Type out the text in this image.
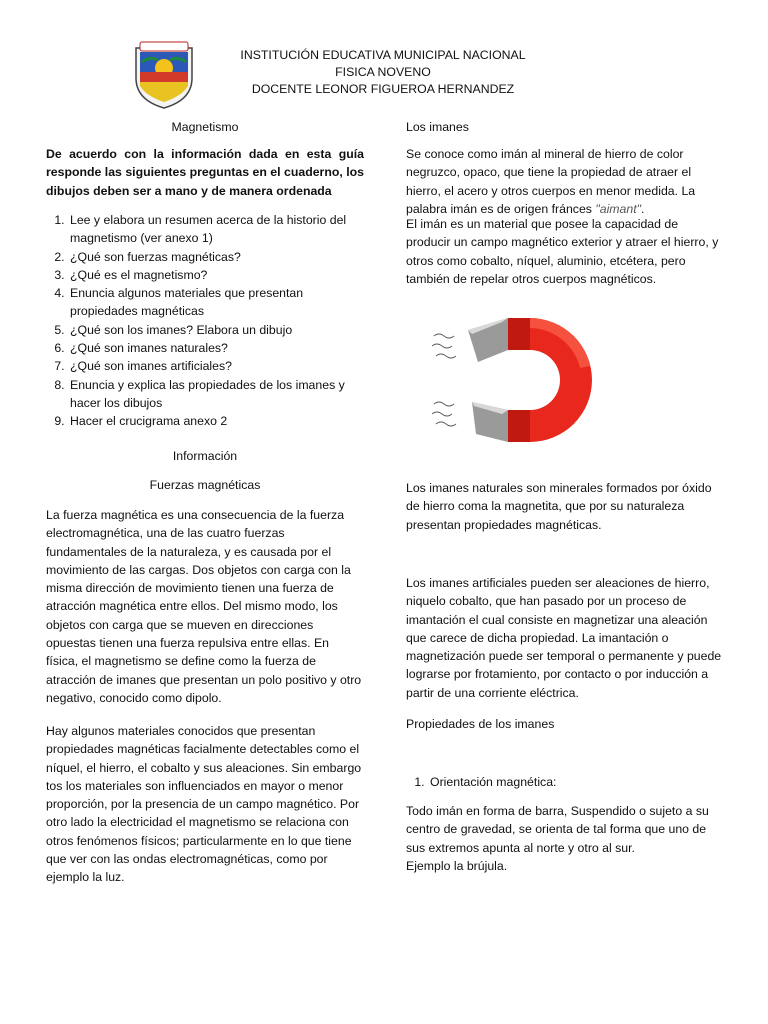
INSTITUCIÓN EDUCATIVA MUNICIPAL NACIONAL
FISICA NOVENO
DOCENTE LEONOR FIGUEROA HERNANDEZ
Magnetismo
De acuerdo con la información dada en esta guía responde las siguientes preguntas en el cuaderno, los dibujos deben ser a mano y de manera ordenada
1. Lee y elabora un resumen acerca de la historio del magnetismo (ver anexo 1)
2. ¿Qué son fuerzas magnéticas?
3. ¿Qué es el magnetismo?
4. Enuncia algunos materiales que presentan propiedades magnéticas
5. ¿Qué son los imanes? Elabora un dibujo
6. ¿Qué son imanes naturales?
7. ¿Qué son imanes artificiales?
8. Enuncia y explica las propiedades de los imanes y hacer los dibujos
9. Hacer el crucigrama anexo 2
Información
Fuerzas magnéticas
La fuerza magnética es una consecuencia de la fuerza electromagnética, una de las cuatro fuerzas fundamentales de la naturaleza, y es causada por el movimiento de las cargas. Dos objetos con carga con la misma dirección de movimiento tienen una fuerza de atracción magnética entre ellos. Del mismo modo, los objetos con carga que se mueven en direcciones opuestas tienen una fuerza repulsiva entre ellas. En física, el magnetismo se define como la fuerza de atracción de imanes que presentan un polo positivo y otro negativo, conocido como dipolo.
Hay algunos materiales conocidos que presentan propiedades magnéticas facialmente detectables como el níquel, el hierro, el cobalto y sus aleaciones. Sin embargo tos los materiales son influenciados en mayor o menor proporción, por la presencia de un campo magnético. Por otro lado la electricidad el magnetismo se relaciona con otros fenómenos físicos; particularmente en lo que tiene que ver con las ondas electromagnéticas, como por ejemplo la luz.
Los imanes
Se conoce como imán al mineral de hierro de color negruzco, opaco, que tiene la propiedad de atraer el hierro, el acero y otros cuerpos en menor medida. La palabra imán es de origen fránces "aimant".
El imán es un material que posee la capacidad de producir un campo magnético exterior y atraer el hierro, y otros como cobalto, níquel, aluminio, etcétera, pero también de repelar otros cuerpos magnéticos.
Los imanes naturales son minerales formados por óxido de hierro coma la magnetita, que por su naturaleza presentan propiedades magnéticas.
Los imanes artificiales pueden ser aleaciones de hierro, niquelo cobalto, que han pasado por un proceso de imantación el cual consiste en magnetizar una aleación que carece de dicha propiedad. La imantación o magnetización puede ser temporal o permanente y puede lograrse por frotamiento, por contacto o por inducción a partir de una corriente eléctrica.
Propiedades de los imanes
1. Orientación magnética:
Todo imán en forma de barra, Suspendido o sujeto a su centro de gravedad, se orienta de tal forma que uno de sus extremos apunta al norte y otro al sur.
Ejemplo la brújula.
